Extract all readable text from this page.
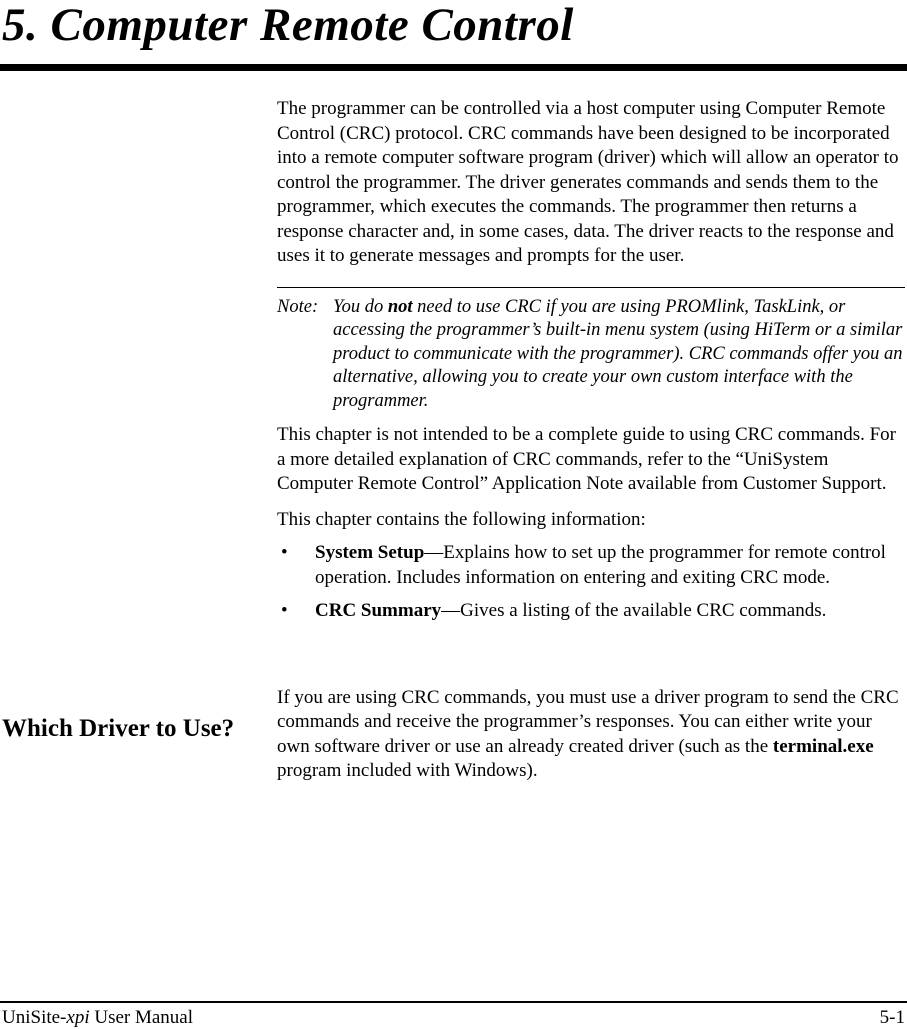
5. Computer Remote Control

The programmer can be controlled via a host computer using Computer Remote Control (CRC) protocol. CRC commands have been designed to be incorporated into a remote computer software program (driver) which will allow an operator to control the programmer. The driver generates commands and sends them to the programmer, which executes the commands. The programmer then returns a response character and, in some cases, data. The driver reacts to the response and uses it to generate messages and prompts for the user.

Note: You do not need to use CRC if you are using PROMlink, TaskLink, or accessing the programmer’s built-in menu system (using HiTerm or a similar product to communicate with the programmer). CRC commands offer you an alternative, allowing you to create your own custom interface with the programmer.

This chapter is not intended to be a complete guide to using CRC commands. For a more detailed explanation of CRC commands, refer to the “UniSystem Computer Remote Control” Application Note available from Customer Support.

This chapter contains the following information:

• System Setup—Explains how to set up the programmer for remote control operation. Includes information on entering and exiting CRC mode.

• CRC Summary—Gives a listing of the available CRC commands.

If you are using CRC commands, you must use a driver program to send the CRC commands and receive the programmer’s responses. You can either write your own software driver or use an already created driver (such as the terminal.exe program included with Windows).

Which Driver to Use?
UniSite-xpi User Manual	5-1
